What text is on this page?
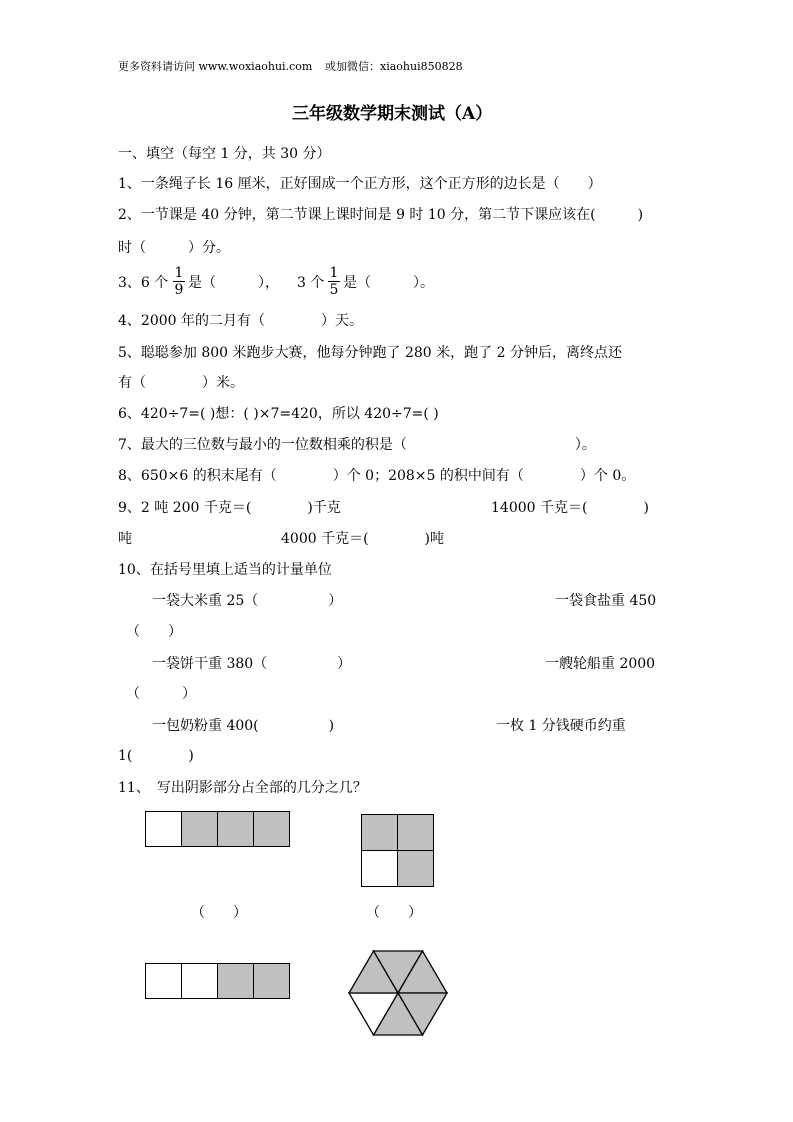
更多资料请访问 www.woxiaohui.com 或加微信：xiaohui850828
三年级数学期末测试（A）
一、填空（每空 1 分，共 30 分）
1、一条绳子长 16 厘米，正好围成一个正方形，这个正方形的边长是（　　）
2、一节课是 40 分钟，第二节课上课时间是 9 时 10 分，第二节下课应该在(　　　)
时（　　　）分。
3、6 个
1
9 是（　　　）， 3 个
1
5 是（　　　）。
4、2000 年的二月有（　　　　）天。
5、聪聪参加 800 米跑步大赛，他每分钟跑了 280 米，跑了 2 分钟后，离终点还
有（　　　　）米。
6、420÷7=( )想：( )×7=420，所以 420÷7=( )
7、最大的三位数与最小的一位数相乘的积是（　　　　　　　　　　　　）。
8、650×6 的积末尾有（　　　　）个 0；208×5 的积中间有（　　　　）个 0。
9、2 吨 200 千克＝(　　　　)千克	14000 千克＝(　　　　)
吨	4000 千克＝(　　　　)吨
10、在括号里填上适当的计量单位
一袋大米重 25（　　　　　）	一袋食盐重 450
（　　）
一袋饼干重 380（　　　　　）	一艘轮船重 2000
（　　　）
一包奶粉重 400(　　　　　)	一枚 1 分钱硬币约重
1(　　　　)
11、　写出阴影部分占全部的几分之几？
（　　）	（　　）
